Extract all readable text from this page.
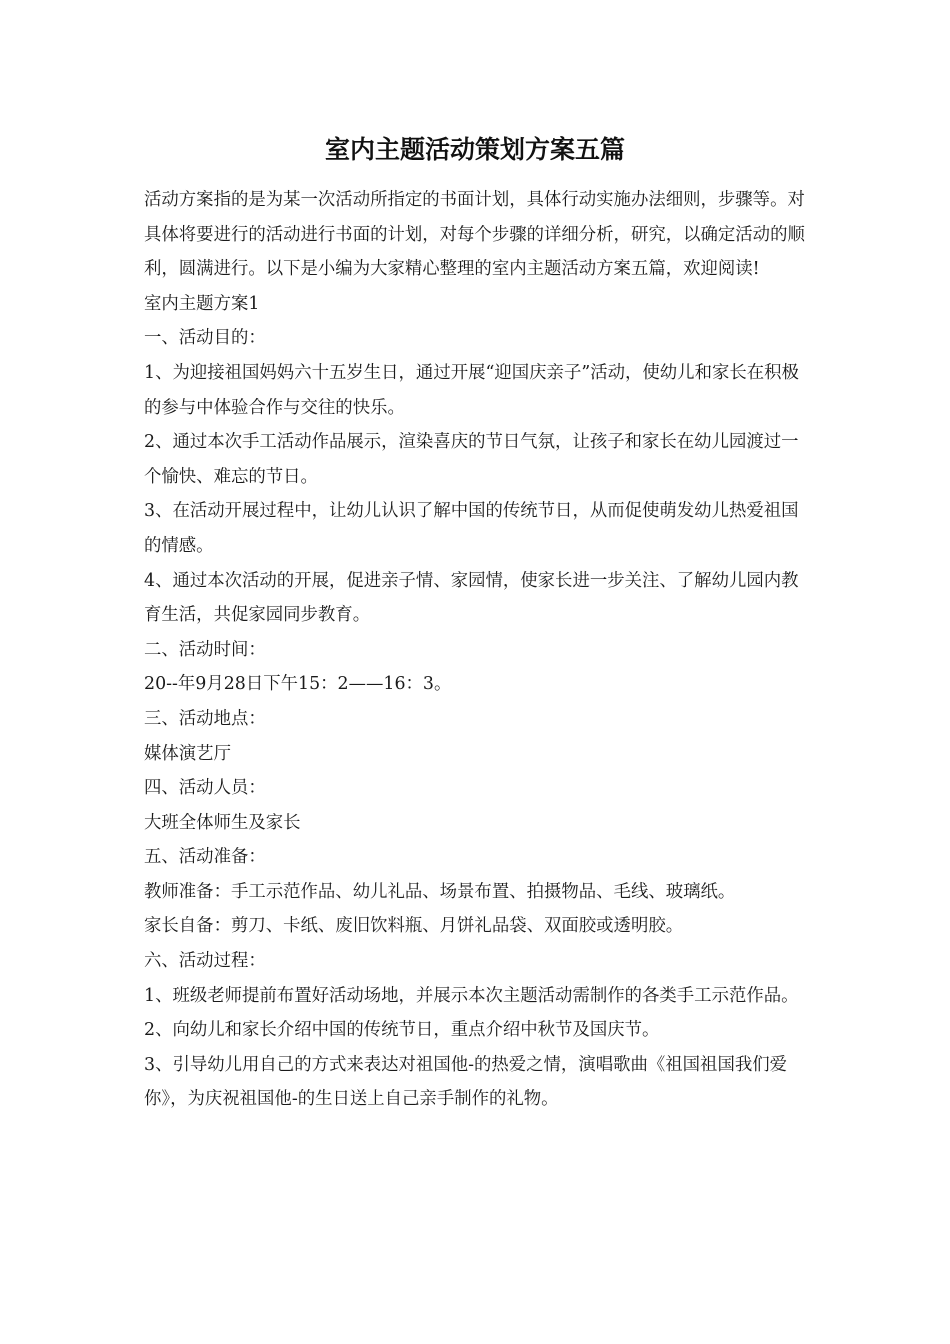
室内主题活动策划方案五篇

活动方案指的是为某一次活动所指定的书面计划，具体行动实施办法细则，步骤等。对具体将要进行的活动进行书面的计划，对每个步骤的详细分析，研究，以确定活动的顺利，圆满进行。以下是小编为大家精心整理的室内主题活动方案五篇，欢迎阅读!

室内主题方案1

一、活动目的：

1、为迎接祖国妈妈六十五岁生日，通过开展“迎国庆亲子”活动，使幼儿和家长在积极的参与中体验合作与交往的快乐。

2、通过本次手工活动作品展示，渲染喜庆的节日气氛，让孩子和家长在幼儿园渡过一个愉快、难忘的节日。

3、在活动开展过程中，让幼儿认识了解中国的传统节日，从而促使萌发幼儿热爱祖国的情感。

4、通过本次活动的开展，促进亲子情、家园情，使家长进一步关注、了解幼儿园内教育生活，共促家园同步教育。

二、活动时间：

20--年9月28日下午15：2——16：3。

三、活动地点：

媒体演艺厅

四、活动人员：

大班全体师生及家长

五、活动准备：

教师准备：手工示范作品、幼儿礼品、场景布置、拍摄物品、毛线、玻璃纸。

家长自备：剪刀、卡纸、废旧饮料瓶、月饼礼品袋、双面胶或透明胶。

六、活动过程：

1、班级老师提前布置好活动场地，并展示本次主题活动需制作的各类手工示范作品。

2、向幼儿和家长介绍中国的传统节日，重点介绍中秋节及国庆节。

3、引导幼儿用自己的方式来表达对祖国他-的热爱之情，演唱歌曲《祖国祖国我们爱你》，为庆祝祖国他-的生日送上自己亲手制作的礼物。
